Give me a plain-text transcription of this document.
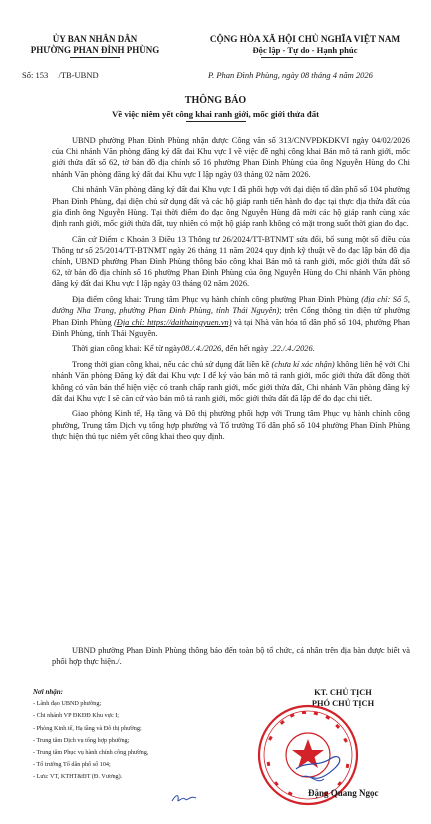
ỦY BAN NHÂN DÂN
PHƯỜNG PHAN ĐÌNH PHÙNG
CỘNG HÒA XÃ HỘI CHỦ NGHĨA VIỆT NAM
Độc lập - Tự do - Hạnh phúc
Số: 153 /TB-UBND	P. Phan Đình Phùng, ngày 08 tháng 4 năm 2026
THÔNG BÁO
Về việc niêm yết công khai ranh giới, mốc giới thửa đất

UBND phường Phan Đình Phùng nhận được Công văn số 313/CNVPĐKĐKVI ngày 04/02/2026 của Chi nhánh Văn phòng đăng ký đất đai Khu vực I về việc đề nghị công khai Bản mô tả ranh giới, mốc giới thửa đất số 62, tờ bản đồ địa chính số 16 phường Phan Đình Phùng của ông Nguyễn Hùng do Chi nhánh Văn phòng đăng ký đất đai Khu vực I lập ngày 03 tháng 02 năm 2026.

Chi nhánh Văn phòng đăng ký đất đai Khu vực I đã phối hợp với đại diện tổ dân phố số 104 phường Phan Đình Phùng, đại diện chủ sử dụng đất và các hộ giáp ranh tiến hành đo đạc tại thực địa thửa đất của gia đình ông Nguyễn Hùng. Tại thời điểm đo đạc ông Nguyễn Hùng đã mời các hộ giáp ranh cùng xác định ranh giới, mốc giới thửa đất, tuy nhiên có một hộ giáp ranh không có mặt trong suốt thời gian đo đạc.

Căn cứ Điểm c Khoản 3 Điều 13 Thông tư 26/2024/TT-BTNMT sửa đổi, bổ sung một số điều của Thông tư số 25/2014/TT-BTNMT ngày 26 tháng 11 năm 2024 quy định kỹ thuật về đo đạc lập bản đồ địa chính, UBND phường Phan Đình Phùng thông báo công khai Bản mô tả ranh giới, mốc giới thửa đất số 62, tờ bản đồ địa chính số 16 phường Phan Đình Phùng của ông Nguyễn Hùng do Chi nhánh Văn phòng đăng ký đất đai Khu vực I lập ngày 03 tháng 02 năm 2026.

Địa điểm công khai: Trung tâm Phục vụ hành chính công phường Phan Đình Phùng (địa chỉ: Số 5, đường Nha Trang, phường Phan Đình Phùng, tỉnh Thái Nguyên); trên Cổng thông tin điện tử phường Phan Đình Phùng (Địa chỉ: https://daithaingyuen.vn) và tại Nhà văn hóa tổ dân phố số 104, phường Phan Đình Phùng, tỉnh Thái Nguyên.

Thời gian công khai: Kể từ ngày08./.4./2026, đến hết ngày .22./.4./2026.

Trong thời gian công khai, nếu các chủ sử dụng đất liền kề (chưa kí xác nhận) không liên hệ với Chi nhánh Văn phòng Đăng ký đất đai Khu vực I để ký vào bản mô tả ranh giới, mốc giới thửa đất đồng thời không có văn bản thể hiện việc có tranh chấp ranh giới, mốc giới thửa đất, Chi nhánh Văn phòng đăng ký đất đai Khu vực I sẽ căn cứ vào bản mô tả ranh giới, mốc giới thửa đất đã lập để đo đạc chi tiết.

Giao phòng Kinh tế, Hạ tầng và Đô thị phường phối hợp với Trung tâm Phục vụ hành chính công phường, Trung tâm Dịch vụ tổng hợp phường và Tổ trưởng Tổ dân phố số 104 phường Phan Đình Phùng thực hiện thủ tục niêm yết công khai theo quy định.

UBND phường Phan Đình Phùng thông báo đến toàn bộ tổ chức, cá nhân trên địa bàn được biết và phối hợp thực hiện./.

Nơi nhận:
- Lãnh đạo UBND phường;
- Chi nhánh VP ĐKĐĐ Khu vực I;
- Phòng Kinh tế, Hạ tầng và Đô thị phường;
- Trung tâm Dịch vụ tổng hợp phường;
- Trung tâm Phục vụ hành chính công phường,
- Tổ trưởng Tổ dân phố số 104;
- Lưu: VT, KTHT&ĐT (Đ. Vương).
KT. CHỦ TỊCH
PHÓ CHỦ TỊCH
Đặng Quang Ngọc
